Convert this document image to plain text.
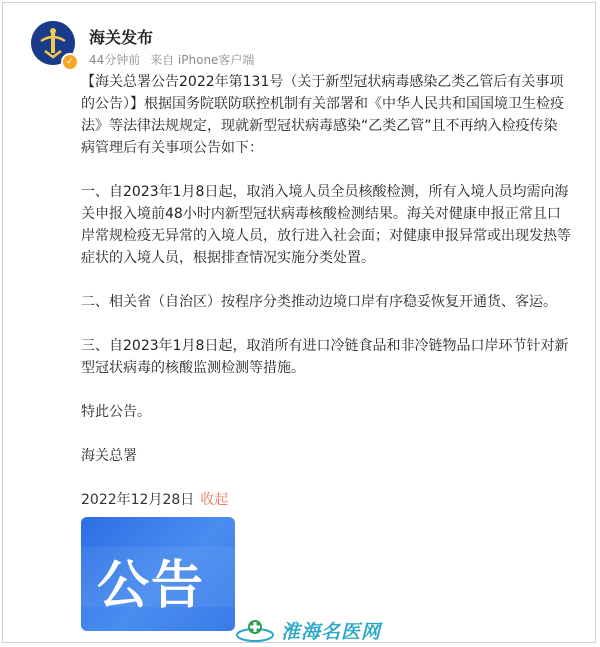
✓
海关发布
44分钟前 来自 iPhone客户端

【海关总署公告2022年第131号（关于新型冠状病毒感染乙类乙管后有关事项的公告）】根据国务院联防联控机制有关部署和《中华人民共和国国境卫生检疫法》等法律法规规定，现就新型冠状病毒感染“乙类乙管”且不再纳入检疫传染病管理后有关事项公告如下：

一、自2023年1月8日起，取消入境人员全员核酸检测，所有入境人员均需向海关申报入境前48小时内新型冠状病毒核酸检测结果。海关对健康申报正常且口岸常规检疫无异常的入境人员，放行进入社会面；对健康申报异常或出现发热等症状的入境人员，根据排查情况实施分类处置。

二、相关省（自治区）按程序分类推动边境口岸有序稳妥恢复开通货、客运。

三、自2023年1月8日起，取消所有进口冷链食品和非冷链物品口岸环节针对新型冠状病毒的核酸监测检测等措施。

特此公告。

海关总署

2022年12月28日 收起
公告
淮海名医网
